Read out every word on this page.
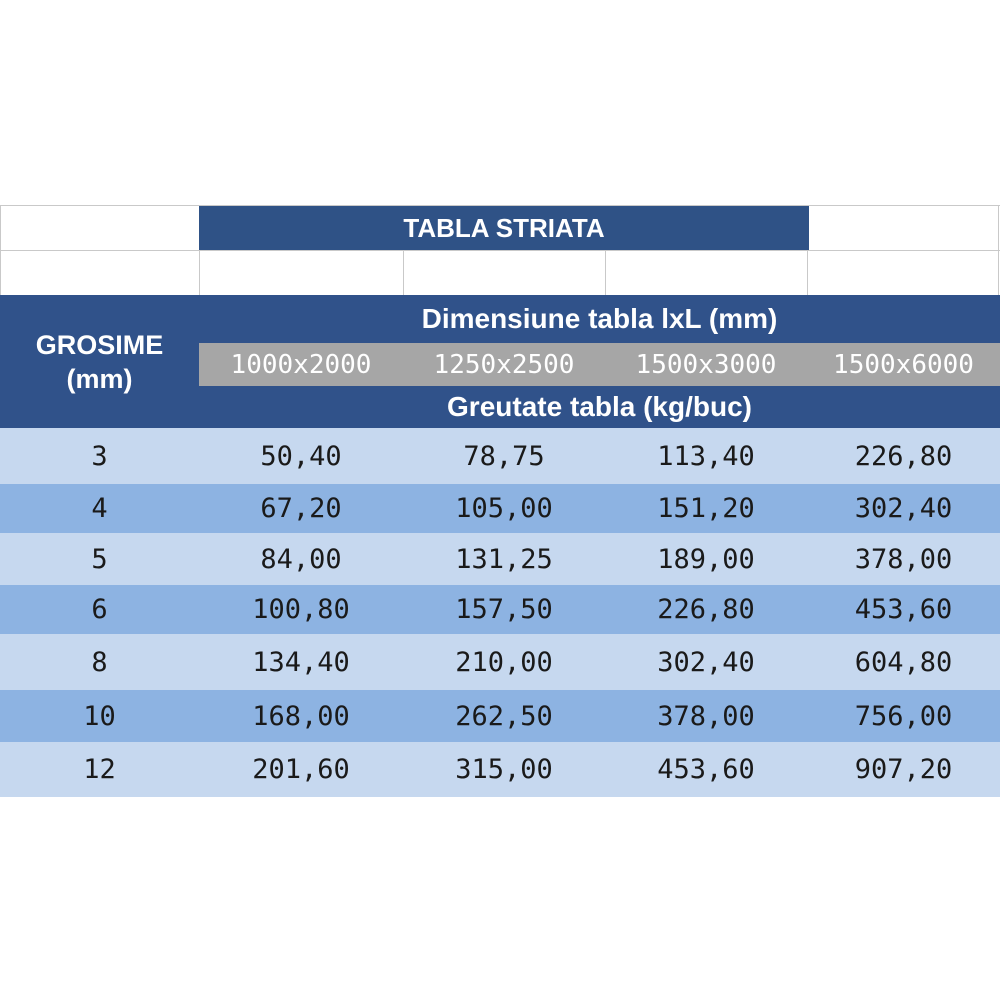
TABLA STRIATA
GROSIME
(mm)
Dimensiune tabla lxL (mm)
1000x2000	1250x2500	1500x3000	1500x6000
Greutate tabla (kg/buc)
3	50,40	78,75	113,40	226,80
4	67,20	105,00	151,20	302,40
5	84,00	131,25	189,00	378,00
6	100,80	157,50	226,80	453,60
8	134,40	210,00	302,40	604,80
10	168,00	262,50	378,00	756,00
12	201,60	315,00	453,60	907,20
